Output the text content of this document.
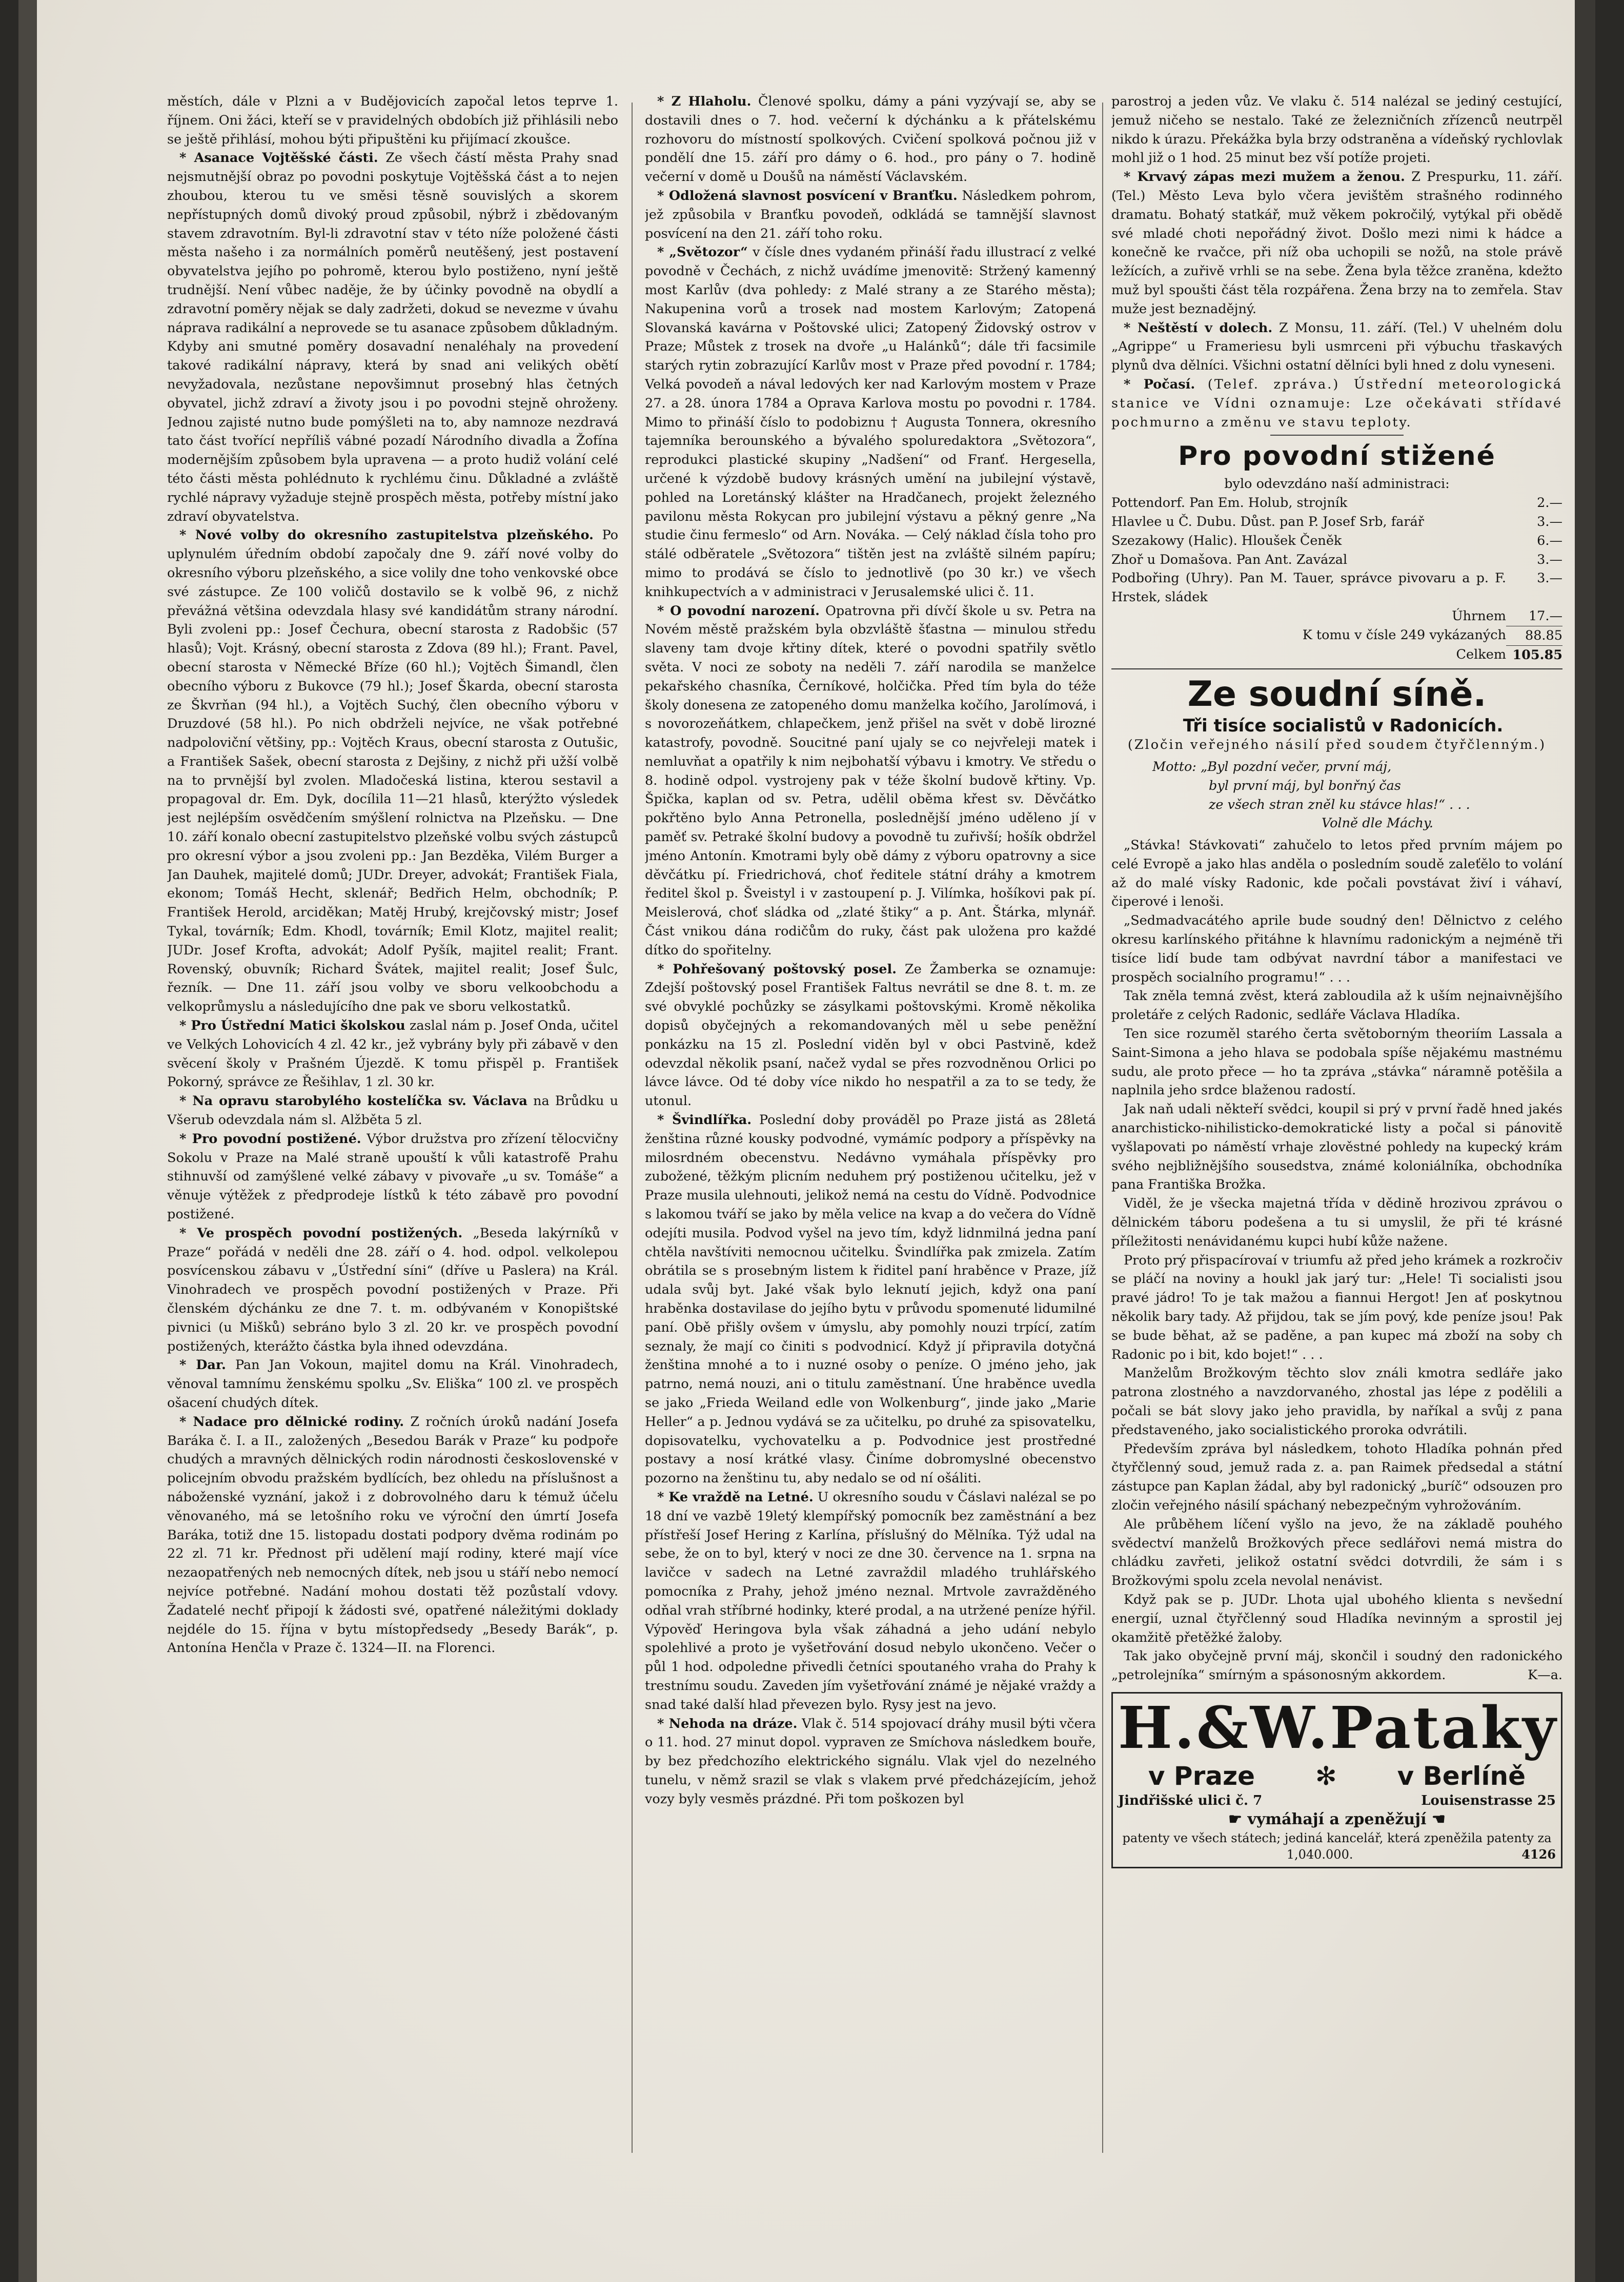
městích, dále v Plzni a v Budějovicích započal letos teprve 1. říjnem. Oni žáci, kteří se v pravidelných obdobích již přihlásili nebo se ještě přihlásí, mohou býti připuštěni ku přijímací zkoušce.

* Asanace Vojtěšské části. Ze všech částí města Prahy snad nejsmutnější obraz po povodni poskytuje Vojtěšská část a to nejen zhoubou, kterou tu ve směsi těsně souvislých a skorem nepřístupných domů divoký proud způsobil, nýbrž i zbědovaným stavem zdravotním. Byl-li zdravotní stav v této níže položené části města našeho i za normálních poměrů neutěšený, jest postavení obyvatelstva jejího po pohromě, kterou bylo postiženo, nyní ještě trudnější. Není vůbec naděje, že by účinky povodně na obydlí a zdravotní poměry nějak se daly zadržeti, dokud se nevezme v úvahu náprava radikální a neprovede se tu asanace způsobem důkladným. Kdyby ani smutné poměry dosavadní nenaléhaly na provedení takové radikální nápravy, která by snad ani velikých obětí nevyžadovala, nezůstane nepovšimnut prosebný hlas četných obyvatel, jichž zdraví a životy jsou i po povodni stejně ohroženy. Jednou zajisté nutno bude pomýšleti na to, aby namnoze nezdravá tato část tvořící nepříliš vábné pozadí Národního divadla a Žofína modernějším způsobem byla upravena — a proto hudiž volání celé této části města pohlédnuto k rychlému činu. Důkladné a zvláště rychlé nápravy vyžaduje stejně prospěch města, potřeby místní jako zdraví obyvatelstva.

* Nové volby do okresního zastupitelstva plzeňského. Po uplynulém úředním období započaly dne 9. září nové volby do okresního výboru plzeňského, a sice volily dne toho venkovské obce své zástupce. Ze 100 voličů dostavilo se k volbě 96, z nichž převážná většina odevzdala hlasy své kandidátům strany národní. Byli zvoleni pp.: Josef Čechura, obecní starosta z Radobšic (57 hlasů); Vojt. Krásný, obecní starosta z Zdova (89 hl.); Frant. Pavel, obecní starosta v Německé Bříze (60 hl.); Vojtěch Šimandl, člen obecního výboru z Bukovce (79 hl.); Josef Škarda, obecní starosta ze Škvrňan (94 hl.), a Vojtěch Suchý, člen obecního výboru v Druzdové (58 hl.). Po nich obdrželi nejvíce, ne však potřebné nadpoloviční většiny, pp.: Vojtěch Kraus, obecní starosta z Outušic, a František Sašek, obecní starosta z Dejšiny, z nichž při užší volbě na to prvnější byl zvolen. Mladočeská listina, kterou sestavil a propagoval dr. Em. Dyk, docílila 11—21 hlasů, kterýžto výsledek jest nejlépším osvědčením smýšlení rolnictva na Plzeňsku. — Dne 10. září konalo obecní zastupitelstvo plzeňské volbu svých zástupců pro okresní výbor a jsou zvoleni pp.: Jan Bezděka, Vilém Burger a Jan Dauhek, majitelé domů; JUDr. Dreyer, advokát; František Fiala, ekonom; Tomáš Hecht, sklenář; Bedřich Helm, obchodník; P. František Herold, arciděkan; Matěj Hrubý, krejčovský mistr; Josef Tykal, továrník; Edm. Khodl, továrník; Emil Klotz, majitel realit; JUDr. Josef Krofta, advokát; Adolf Pyšík, majitel realit; Frant. Rovenský, obuvník; Richard Švátek, majitel realit; Josef Šulc, řezník. — Dne 11. září jsou volby ve sboru velkoobchodu a velkoprůmyslu a následujícího dne pak ve sboru velkostatků.

* Pro Ústřední Matici školskou zaslal nám p. Josef Onda, učitel ve Velkých Lohovicích 4 zl. 42 kr., jež vybrány byly při zábavě v den svěcení školy v Prašném Újezdě. K tomu přispěl p. František Pokorný, správce ze Řešihlav, 1 zl. 30 kr.

* Na opravu starobylého kostelíčka sv. Václava na Brůdku u Všerub odevzdala nám sl. Alžběta 5 zl.

* Pro povodní postižené. Výbor družstva pro zřízení tělocvičny Sokolu v Praze na Malé straně upouští k vůli katastrofě Prahu stihnuvší od zamýšlené velké zábavy v pivovaře „u sv. Tomáše“ a věnuje výtěžek z předprodeje lístků k této zábavě pro povodní postižené.

* Ve prospěch povodní postižených. „Beseda lakýrníků v Praze“ pořádá v neděli dne 28. září o 4. hod. odpol. velkolepou posvícenskou zábavu v „Ústřední síni“ (dříve u Paslera) na Král. Vinohradech ve prospěch povodní postižených v Praze. Při členském dýchánku ze dne 7. t. m. odbývaném v Konopištské pivnici (u Mišků) sebráno bylo 3 zl. 20 kr. ve prospěch povodní postižených, kterážto částka byla ihned odevzdána.

* Dar. Pan Jan Vokoun, majitel domu na Král. Vinohradech, věnoval tamnímu ženskému spolku „Sv. Eliška“ 100 zl. ve prospěch ošacení chudých dítek.

* Nadace pro dělnické rodiny. Z ročních úroků nadání Josefa Baráka č. I. a II., založených „Besedou Barák v Praze“ ku podpoře chudých a mravných dělnických rodin národnosti československé v policejním obvodu pražském bydlících, bez ohledu na příslušnost a náboženské vyznání, jakož i z dobrovolného daru k témuž účelu věnovaného, má se letošního roku ve výroční den úmrtí Josefa Baráka, totiž dne 15. listopadu dostati podpory dvěma rodinám po 22 zl. 71 kr. Přednost při udělení mají rodiny, které mají více nezaopatřených neb nemocných dítek, neb jsou u stáří nebo nemocí nejvíce potřebné. Nadání mohou dostati těž pozůstalí vdovy. Žadatelé nechť připojí k žádosti své, opatřené náležitými doklady nejdéle do 15. října v bytu místopředsedy „Besedy Barák“, p. Antonína Henčla v Praze č. 1324—II. na Florenci.

* Z Hlaholu. Členové spolku, dámy a páni vyzývají se, aby se dostavili dnes o 7. hod. večerní k dýchánku a k přátelskému rozhovoru do místností spolkových. Cvičení spolková počnou již v pondělí dne 15. září pro dámy o 6. hod., pro pány o 7. hodině večerní v domě u Doušů na náměstí Václavském.

* Odložená slavnost posvícení v Branťku. Následkem pohrom, jež způsobila v Branťku povodeň, odkládá se tamnější slavnost posvícení na den 21. září toho roku.

* „Světozor“ v čísle dnes vydaném přináší řadu illustrací z velké povodně v Čechách, z nichž uvádíme jmenovitě: Stržený kamenný most Karlův (dva pohledy: z Malé strany a ze Starého města); Nakupenina vorů a trosek nad mostem Karlovým; Zatopená Slovanská kavárna v Poštovské ulici; Zatopený Židovský ostrov v Praze; Můstek z trosek na dvoře „u Halánků“; dále tři facsimile starých rytin zobrazující Karlův most v Praze před povodní r. 1784; Velká povodeň a nával ledových ker nad Karlovým mostem v Praze 27. a 28. února 1784 a Oprava Karlova mostu po povodni r. 1784. Mimo to přináší číslo to podobiznu † Augusta Tonnera, okresního tajemníka berounského a bývalého spoluredaktora „Světozora“, reprodukci plastické skupiny „Nadšení“ od Franť. Hergesella, určené k výzdobě budovy krásných umění na jubilejní výstavě, pohled na Loretánský klášter na Hradčanech, projekt železného pavilonu města Rokycan pro jubilejní výstavu a pěkný genre „Na studie činu fermeslo“ od Arn. Nováka. — Celý náklad čísla toho pro stálé odběratele „Světozora“ tištěn jest na zvláště silném papíru; mimo to prodává se číslo to jednotlivě (po 30 kr.) ve všech knihkupectvích a v administraci v Jerusalemské ulici č. 11.

* O povodní narození. Opatrovna při dívčí škole u sv. Petra na Novém městě pražském byla obzvláště šťastna — minulou středu slaveny tam dvoje křtiny dítek, které o povodni spatřily světlo světa. V noci ze soboty na neděli 7. září narodila se manželce pekařského chasníka, Černíkové, holčička. Před tím byla do téže školy donesena ze zatopeného domu manželka kočího, Jarolímová, i s novorozeňátkem, chlapečkem, jenž přišel na svět v době lirozné katastrofy, povodně. Soucitné paní ujaly se co nejvřeleji matek i nemluvňat a opatřily k nim nejbohatší výbavu i kmotry. Ve středu o 8. hodině odpol. vystrojeny pak v téže školní budově křtiny. Vp. Špička, kaplan od sv. Petra, udělil oběma křest sv. Děvčátko pokřtěno bylo Anna Petronella, poslednější jméno uděleno jí v paměť sv. Petraké školní budovy a povodně tu zuřivší; hošík obdržel jméno Antonín. Kmotrami byly obě dámy z výboru opatrovny a sice děvčátku pí. Friedrichová, choť ředitele státní dráhy a kmotrem ředitel škol p. Šveistyl i v zastoupení p. J. Vilímka, hošíkovi pak pí. Meislerová, choť sládka od „zlaté štiky“ a p. Ant. Štárka, mlynář. Část vnikou dána rodičům do ruky, část pak uložena pro každé dítko do spořitelny.

* Pohřešovaný poštovský posel. Ze Žamberka se oznamuje: Zdejší poštovský posel František Faltus nevrátil se dne 8. t. m. ze své obvyklé pochůzky se zásylkami poštovskými. Kromě několika dopisů obyčejných a rekomandovaných měl u sebe peněžní ponkázku na 15 zl. Poslední viděn byl v obci Pastvině, kdež odevzdal několik psaní, načež vydal se přes rozvodněnou Orlici po lávce lávce. Od té doby více nikdo ho nespatřil a za to se tedy, že utonul.

* Švindlířka. Poslední doby prováděl po Praze jistá as 28letá ženština různé kousky podvodné, vymámíc podpory a příspěvky na milosrdném obecenstvu. Nedávno vymáhala příspěvky pro zubožené, těžkým plicním neduhem prý postiženou učitelku, jež v Praze musila ulehnouti, jelikož nemá na cestu do Vídně. Podvodnice s lakomou tváří se jako by měla velice na kvap a do večera do Vídně odejíti musila. Podvod vyšel na jevo tím, když lidnmilná jedna paní chtěla navštíviti nemocnou učitelku. Švindlířka pak zmizela. Zatím obrátila se s prosebným listem k řiditel paní hraběnce v Praze, jíž udala svůj byt. Jaké však bylo leknutí jejich, když ona paní hraběnka dostavilase do jejího bytu v průvodu spomenuté lidumilné paní. Obě přišly ovšem v úmyslu, aby pomohly nouzi trpící, zatím seznaly, že mají co činiti s podvodnicí. Když jí připravila dotyčná ženština mnohé a to i nuzné osoby o peníze. O jméno jeho, jak patrno, nemá nouzi, ani o titulu zaměstnaní. Úne hraběnce uvedla se jako „Frieda Weiland edle von Wolkenburg“, jinde jako „Marie Heller“ a p. Jednou vydává se za učitelku, po druhé za spisovatelku, dopisovatelku, vychovatelku a p. Podvodnice jest prostředné postavy a nosí krátké vlasy. Činíme dobromyslné obecenstvo pozorno na ženštinu tu, aby nedalo se od ní ošáliti.

* Ke vraždě na Letné. U okresního soudu v Čáslavi nalézal se po 18 dní ve vazbě 19letý klempířský pomocník bez zaměstnání a bez přístřeší Josef Hering z Karlína, příslušný do Mělníka. Týž udal na sebe, že on to byl, který v noci ze dne 30. července na 1. srpna na lavičce v sadech na Letné zavraždil mladého truhlářského pomocníka z Prahy, jehož jméno neznal. Mrtvole zavražděného odňal vrah stříbrné hodinky, které prodal, a na utržené peníze hýřil. Výpověď Heringova byla však záhadná a jeho udání nebylo spolehlivé a proto je vyšetřování dosud nebylo ukončeno. Večer o půl 1 hod. odpoledne přivedli četníci spoutaného vraha do Prahy k trestnímu soudu. Zaveden jím vyšetřování známé je nějaké vraždy a snad také další hlad převezen bylo. Rysy jest na jevo.

* Nehoda na dráze. Vlak č. 514 spojovací dráhy musil býti včera o 11. hod. 27 minut dopol. vypraven ze Smíchova následkem bouře, by bez předchozího elektrického signálu. Vlak vjel do nezelného tunelu, v němž srazil se vlak s vlakem prvé předcházejícím, jehož vozy byly vesměs prázdné. Při tom poškozen byl

parostroj a jeden vůz. Ve vlaku č. 514 nalézal se jediný cestující, jemuž ničeho se nestalo. Také ze železničních zřízenců neutrpěl nikdo k úrazu. Překážka byla brzy odstraněna a vídeňský rychlovlak mohl již o 1 hod. 25 minut bez vší potíže projeti.

* Krvavý zápas mezi mužem a ženou. Z Prespurku, 11. září. (Tel.) Město Leva bylo včera jevištěm strašného rodinného dramatu. Bohatý statkář, muž věkem pokročilý, vytýkal při obědě své mladé choti nepořádný život. Došlo mezi nimi k hádce a konečně ke rvačce, při níž oba uchopili se nožů, na stole právě ležících, a zuřivě vrhli se na sebe. Žena byla těžce zraněna, kdežto muž byl spoušti část těla rozpářena. Žena brzy na to zemřela. Stav muže jest beznadějný.

* Neštěstí v dolech. Z Monsu, 11. září. (Tel.) V uhelném dolu „Agrippe“ u Frameriesu byli usmrceni při výbuchu třaskavých plynů dva dělníci. Všichni ostatní dělníci byli hned z dolu vyneseni.

* Počasí. (Telef. zpráva.) Ústřední meteorologická stanice ve Vídni oznamuje: Lze očekávati střídavé pochmurno a změnu ve stavu teploty.

Pro povodní stižené

bylo odevzdáno naší administraci:

Pottendorf. Pan Em. Holub, strojník	2.—
Hlavlee u Č. Dubu. Důst. pan P. Josef Srb, farář	3.—
Szezakowy (Halic). Hloušek Čeněk	6.—
Zhoř u Domašova. Pan Ant. Zavázal	3.—
Podbořing (Uhry). Pan M. Tauer, správce pivovaru a p. F. Hrstek, sládek	3.—
Úhrnem	17.—
K tomu v čísle 249 vykázaných	88.85
Celkem	105.85
Ze soudní síně.

Tři tisíce socialistů v Radonicích.

(Zločin veřejného násilí před soudem čtyřčlenným.)

Motto: „Byl pozdní večer, první máj,
byl první máj, byl bonřný čas
ze všech stran zněl ku stávce hlas!“ . . .
Volně dle Máchy.

„Stávka! Stávkovati“ zahučelo to letos před prvním májem po celé Evropě a jako hlas anděla o posledním soudě zaleťělo to volání až do malé vísky Radonic, kde počali povstávat živí i váhaví, čiperové i lenoši.

„Sedmadvacátého aprile bude soudný den! Dělnictvo z celého okresu karlínského přitáhne k hlavnímu radonickým a nejméně tři tisíce lidí bude tam odbývat navrdní tábor a manifestaci ve prospěch socialního programu!“ . . .

Tak zněla temná zvěst, která zabloudila až k uším nejnaivnějšího proletáře z celých Radonic, sedláře Václava Hladíka.

Ten sice rozuměl starého čerta světoborným theoriím Lassala a Saint-Simona a jeho hlava se podobala spíše nějakému mastnému sudu, ale proto přece — ho ta zpráva „stávka“ náramně potěšila a naplnila jeho srdce blaženou radostí.

Jak naň udali někteří svědci, koupil si prý v první řadě hned jakés anarchisticko-nihilisticko-demokratické listy a počal si pánovitě vyšlapovati po náměstí vrhaje zlověstné pohledy na kupecký krám svého nejbližnějšího sousedstva, známé koloniálníka, obchodníka pana Františka Brožka.

Viděl, že je všecka majetná třída v dědině hrozivou zprávou o dělnickém táboru podešena a tu si umyslil, že při té krásné příležitosti nenávidanému kupci hubí kůže nažene.

Proto prý přispacírovaí v triumfu až před jeho krámek a rozkročiv se pláčí na noviny a houkl jak jarý tur: „Hele! Ti socialisti jsou pravé jádro! To je tak mažou a fiannui Hergot! Jen ať poskytnou několik bary tady. Až přijdou, tak se jím pový, kde peníze jsou! Pak se bude běhat, až se paděne, a pan kupec má zboží na soby ch Radonic po i bit, kdo bojet!“ . . .

Manželům Brožkovým těchto slov ználi kmotra sedláře jako patrona zlostného a navzdorvaného, zhostal jas lépe z podělili a počali se bát slovy jako jeho pravidla, by naříkal a svůj z pana představeného, jako socialistického proroka odvrátili.

Především zpráva byl následkem, tohoto Hladíka pohnán před čtyřčlenný soud, jemuž rada z. a. pan Raimek předsedal a státní zástupce pan Kaplan žádal, aby byl radonický „buríč“ odsouzen pro zločin veřejného násilí spáchaný nebezpečným vyhrožováním.

Ale průběhem líčení vyšlo na jevo, že na základě pouhého svědectví manželů Brožkových přece sedlářovi nemá mistra do chládku zavřeti, jelikož ostatní svědci dotvrdili, že sám i s Brožkovými spolu zcela nevolal nenávist.

Když pak se p. JUDr. Lhota ujal ubohého klienta s nevšední energií, uznal čtyřčlenný soud Hladíka nevinným a sprostil jej okamžitě přetěžké žaloby.

Tak jako obyčejně první máj, skončil i soudný den radonického „petrolejníka“ smírným a spásonosným akkordem.	K—a.

H.&W.Pataky
v Praze ✻ v Berlíně
Jindřišské ulici č. 7	Louisenstrasse 25
☛ vymáhají a zpeněžují ☚
patenty ve všech státech; jediná kancelář, která zpeněžila patenty za 1,040.000.	4126
